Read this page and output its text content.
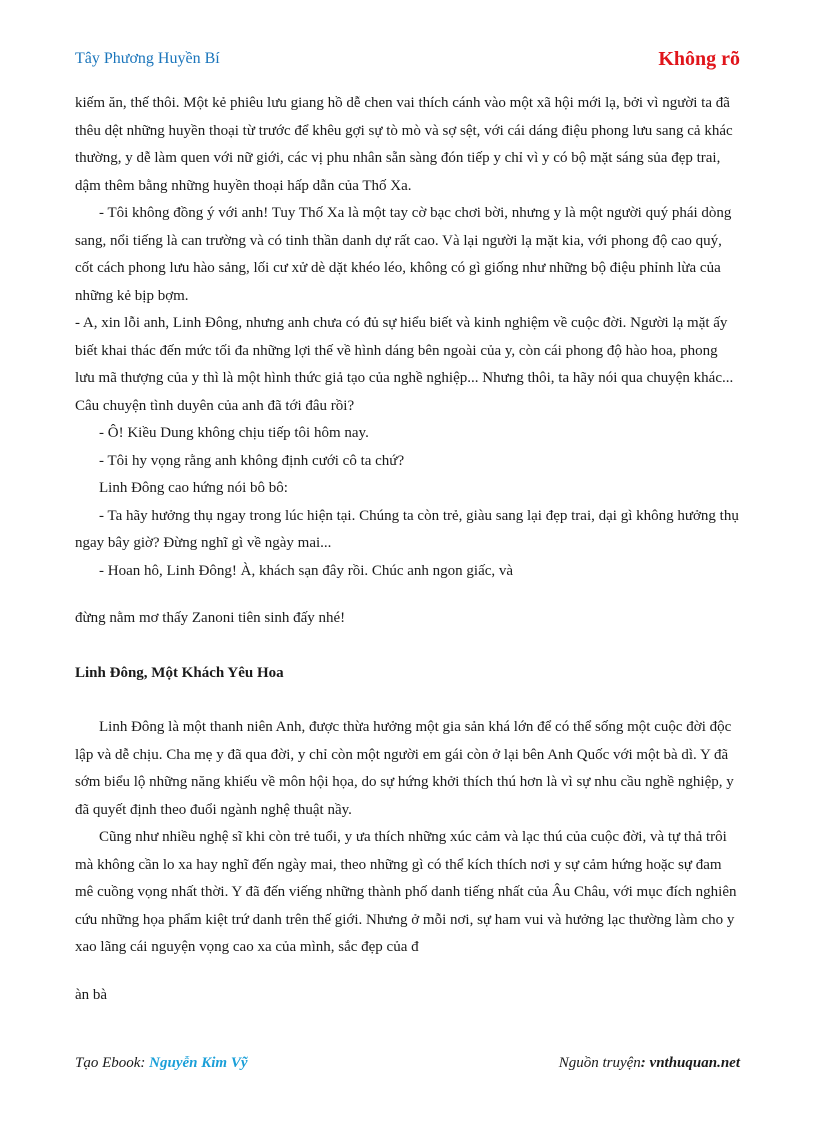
Tây Phương Huyền Bí	Không rõ

kiếm ăn, thế thôi. Một kẻ phiêu lưu giang hồ dễ chen vai thích cánh vào một xã hội mới lạ, bởi vì người ta đã thêu dệt những huyền thoại từ trước để khêu gợi sự tò mò và sợ sệt, với cái dáng điệu phong lưu sang cả khác thường, y dễ làm quen với nữ giới, các vị phu nhân sẵn sàng đón tiếp y chỉ vì y có bộ mặt sáng sủa đẹp trai, dậm thêm bằng những huyền thoại hấp dẫn của Thố Xa.

- Tôi không đồng ý với anh! Tuy Thố Xa là một tay cờ bạc chơi bời, nhưng y là một người quý phái dòng sang, nổi tiếng là can trường và có tinh thần danh dự rất cao. Và lại người lạ mặt kia, với phong độ cao quý, cốt cách phong lưu hào sảng, lối cư xử dè dặt khéo léo, không có gì giống như những bộ điệu phỉnh lừa của những kẻ bịp bợm.

- A, xin lỗi anh, Linh Đông, nhưng anh chưa có đủ sự hiểu biết và kinh nghiệm về cuộc đời. Người lạ mặt ấy biết khai thác đến mức tối đa những lợi thế về hình dáng bên ngoài của y, còn cái phong độ hào hoa, phong lưu mã thượng của y thì là một hình thức giả tạo của nghề nghiệp... Nhưng thôi, ta hãy nói qua chuyện khác... Câu chuyện tình duyên của anh đã tới đâu rồi?

- Ô! Kiều Dung không chịu tiếp tôi hôm nay.

- Tôi hy vọng rằng anh không định cưới cô ta chứ?

Linh Đông cao hứng nói bô bô:

- Ta hãy hưởng thụ ngay trong lúc hiện tại. Chúng ta còn trẻ, giàu sang lại đẹp trai, dại gì không hưởng thụ ngay bây giờ? Đừng nghĩ gì về ngày mai...

- Hoan hô, Linh Đông! À, khách sạn đây rồi. Chúc anh ngon giấc, và

đừng nằm mơ thấy Zanoni tiên sinh đấy nhé!

Linh Đông, Một Khách Yêu Hoa

Linh Đông là một thanh niên Anh, được thừa hưởng một gia sản khá lớn để có thể sống một cuộc đời độc lập và dễ chịu. Cha mẹ y đã qua đời, y chỉ còn một người em gái còn ở lại bên Anh Quốc với một bà dì. Y đã sớm biểu lộ những năng khiếu về môn hội họa, do sự hứng khởi thích thú hơn là vì sự nhu cầu nghề nghiệp, y đã quyết định theo đuổi ngành nghệ thuật nầy.

Cũng như nhiều nghệ sĩ khi còn trẻ tuổi, y ưa thích những xúc cảm và lạc thú của cuộc đời, và tự thả trôi mà không cần lo xa hay nghĩ đến ngày mai, theo những gì có thể kích thích nơi y sự cảm hứng hoặc sự đam mê cuồng vọng nhất thời. Y đã đến viếng những thành phố danh tiếng nhất của Âu Châu, với mục đích nghiên cứu những họa phẩm kiệt trứ danh trên thế giới. Nhưng ở mỗi nơi, sự ham vui và hưởng lạc thường làm cho y xao lãng cái nguyện vọng cao xa của mình, sắc đẹp của đ

àn bà

Tạo Ebook: Nguyễn Kim Vỹ	Nguồn truyện: vnthuquan.net
